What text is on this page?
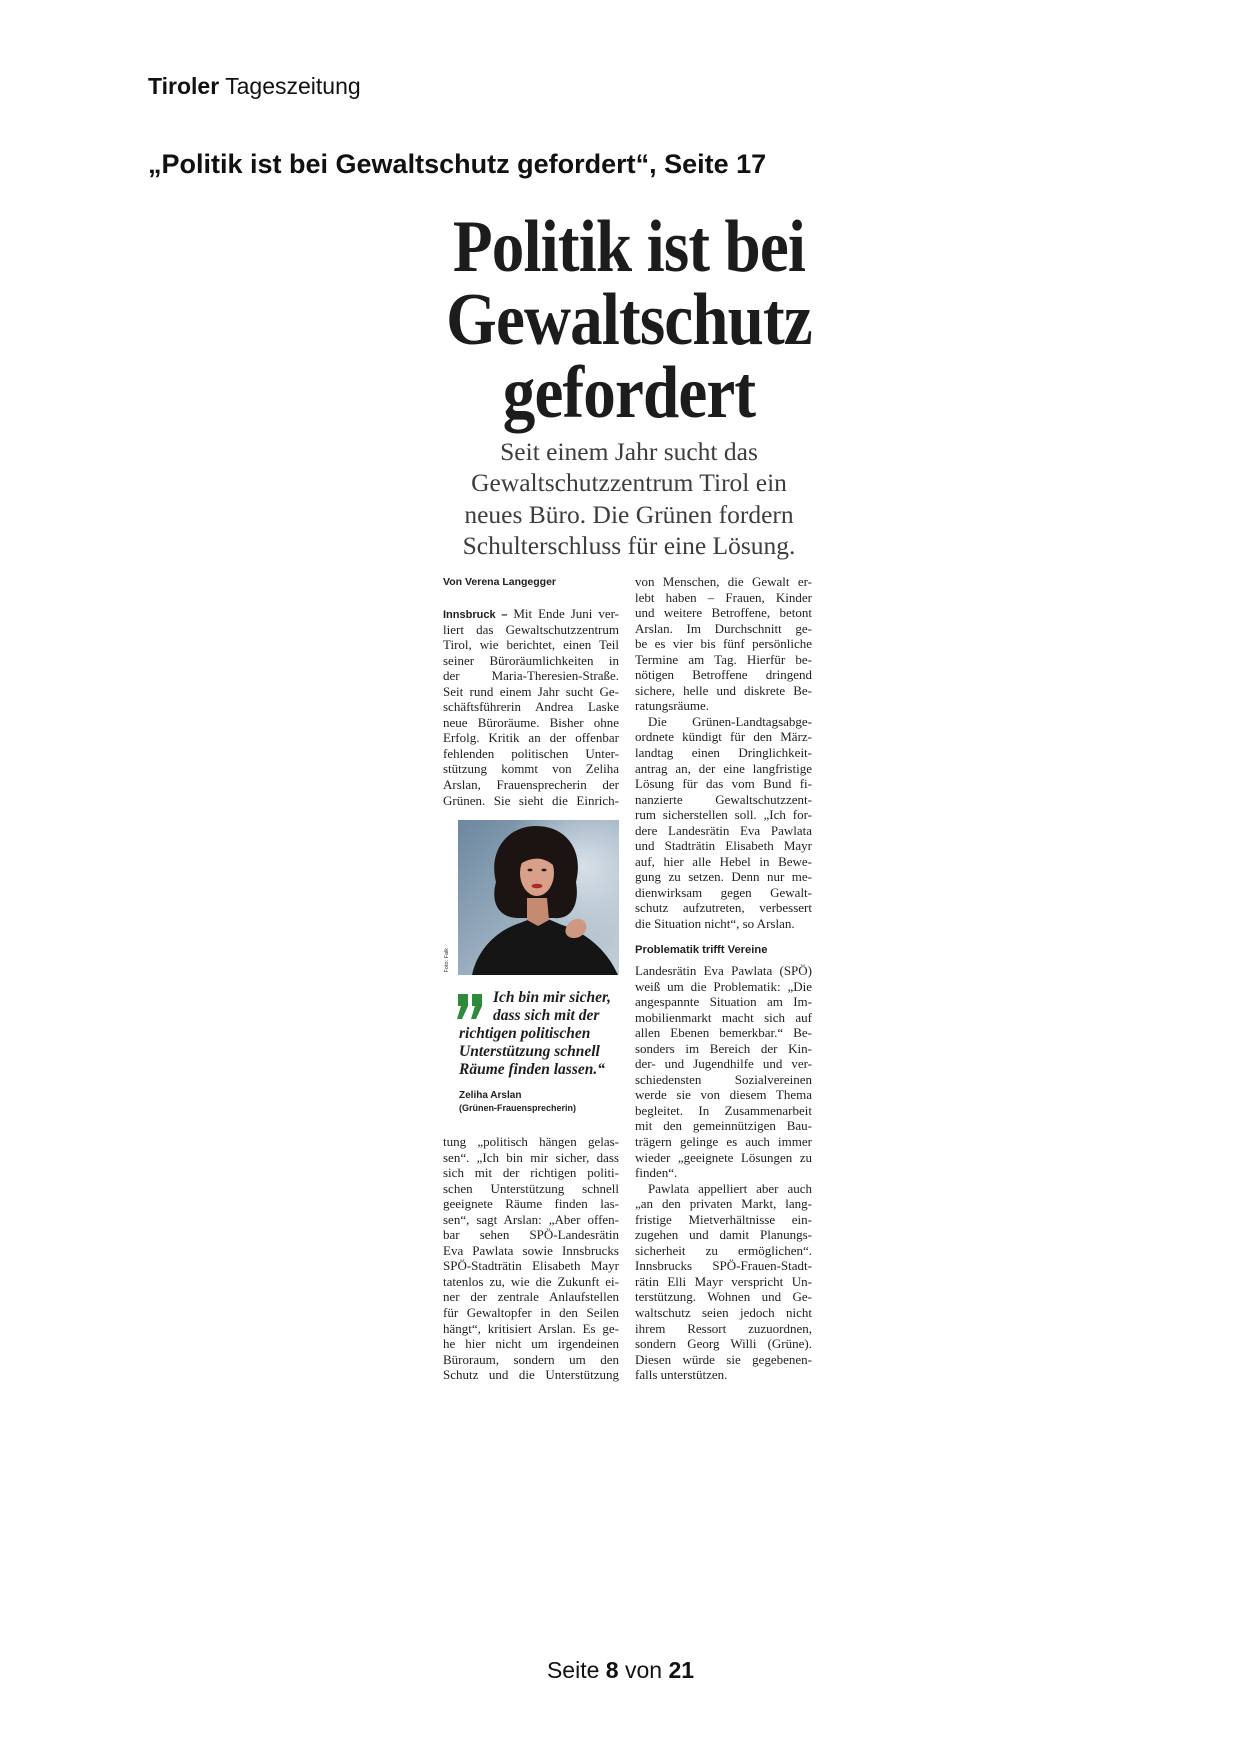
Tiroler Tageszeitung
„Politik ist bei Gewaltschutz gefordert“, Seite 17
Politik ist bei
Gewaltschutz
gefordert
Seit einem Jahr sucht das
Gewaltschutzzentrum Tirol ein
neues Büro. Die Grünen fordern
Schulterschluss für eine Lösung.
Von Verena Langegger
Innsbruck – Mit Ende Juni ver-
liert das Gewaltschutzzentrum
Tirol, wie berichtet, einen Teil
seiner Büroräumlichkeiten in
der Maria-Theresien-Straße.
Seit rund einem Jahr sucht Ge-
schäftsführerin Andrea Laske
neue Büroräume. Bisher ohne
Erfolg. Kritik an der offenbar
fehlenden politischen Unter-
stützung kommt von Zeliha
Arslan, Frauensprecherin der
Grünen. Sie sieht die Einrich-
Foto: Falk
Ich bin mir sicher,
dass sich mit der
richtigen politischen
Unterstützung schnell
Räume finden lassen.“
Zeliha Arslan
(Grünen-Frauensprecherin)
tung „politisch hängen gelas-
sen“. „Ich bin mir sicher, dass
sich mit der richtigen politi-
schen Unterstützung schnell
geeignete Räume finden las-
sen“, sagt Arslan: „Aber offen-
bar sehen SPÖ-Landesrätin
Eva Pawlata sowie Innsbrucks
SPÖ-Stadträtin Elisabeth Mayr
tatenlos zu, wie die Zukunft ei-
ner der zentrale Anlaufstellen
für Gewaltopfer in den Seilen
hängt“, kritisiert Arslan. Es ge-
he hier nicht um irgendeinen
Büroraum, sondern um den
Schutz und die Unterstützung
von Menschen, die Gewalt er-
lebt haben – Frauen, Kinder
und weitere Betroffene, betont
Arslan. Im Durchschnitt ge-
be es vier bis fünf persönliche
Termine am Tag. Hierfür be-
nötigen Betroffene dringend
sichere, helle und diskrete Be-
ratungsräume.
Die Grünen-Landtagsabge-
ordnete kündigt für den März-
landtag einen Dringlichkeit-
antrag an, der eine langfristige
Lösung für das vom Bund fi-
nanzierte Gewaltschutzzent-
rum sicherstellen soll. „Ich for-
dere Landesrätin Eva Pawlata
und Stadträtin Elisabeth Mayr
auf, hier alle Hebel in Bewe-
gung zu setzen. Denn nur me-
dienwirksam gegen Gewalt-
schutz aufzutreten, verbessert
die Situation nicht“, so Arslan.
Problematik trifft Vereine
Landesrätin Eva Pawlata (SPÖ)
weiß um die Problematik: „Die
angespannte Situation am Im-
mobilienmarkt macht sich auf
allen Ebenen bemerkbar.“ Be-
sonders im Bereich der Kin-
der- und Jugendhilfe und ver-
schiedensten Sozialvereinen
werde sie von diesem Thema
begleitet. In Zusammenarbeit
mit den gemeinnützigen Bau-
trägern gelinge es auch immer
wieder „geeignete Lösungen zu
finden“.
Pawlata appelliert aber auch
„an den privaten Markt, lang-
fristige Mietverhältnisse ein-
zugehen und damit Planungs-
sicherheit zu ermöglichen“.
Innsbrucks SPÖ-Frauen-Stadt-
rätin Elli Mayr verspricht Un-
terstützung. Wohnen und Ge-
waltschutz seien jedoch nicht
ihrem Ressort zuzuordnen,
sondern Georg Willi (Grüne).
Diesen würde sie gegebenen-
falls unterstützen.
Seite 8 von 21
